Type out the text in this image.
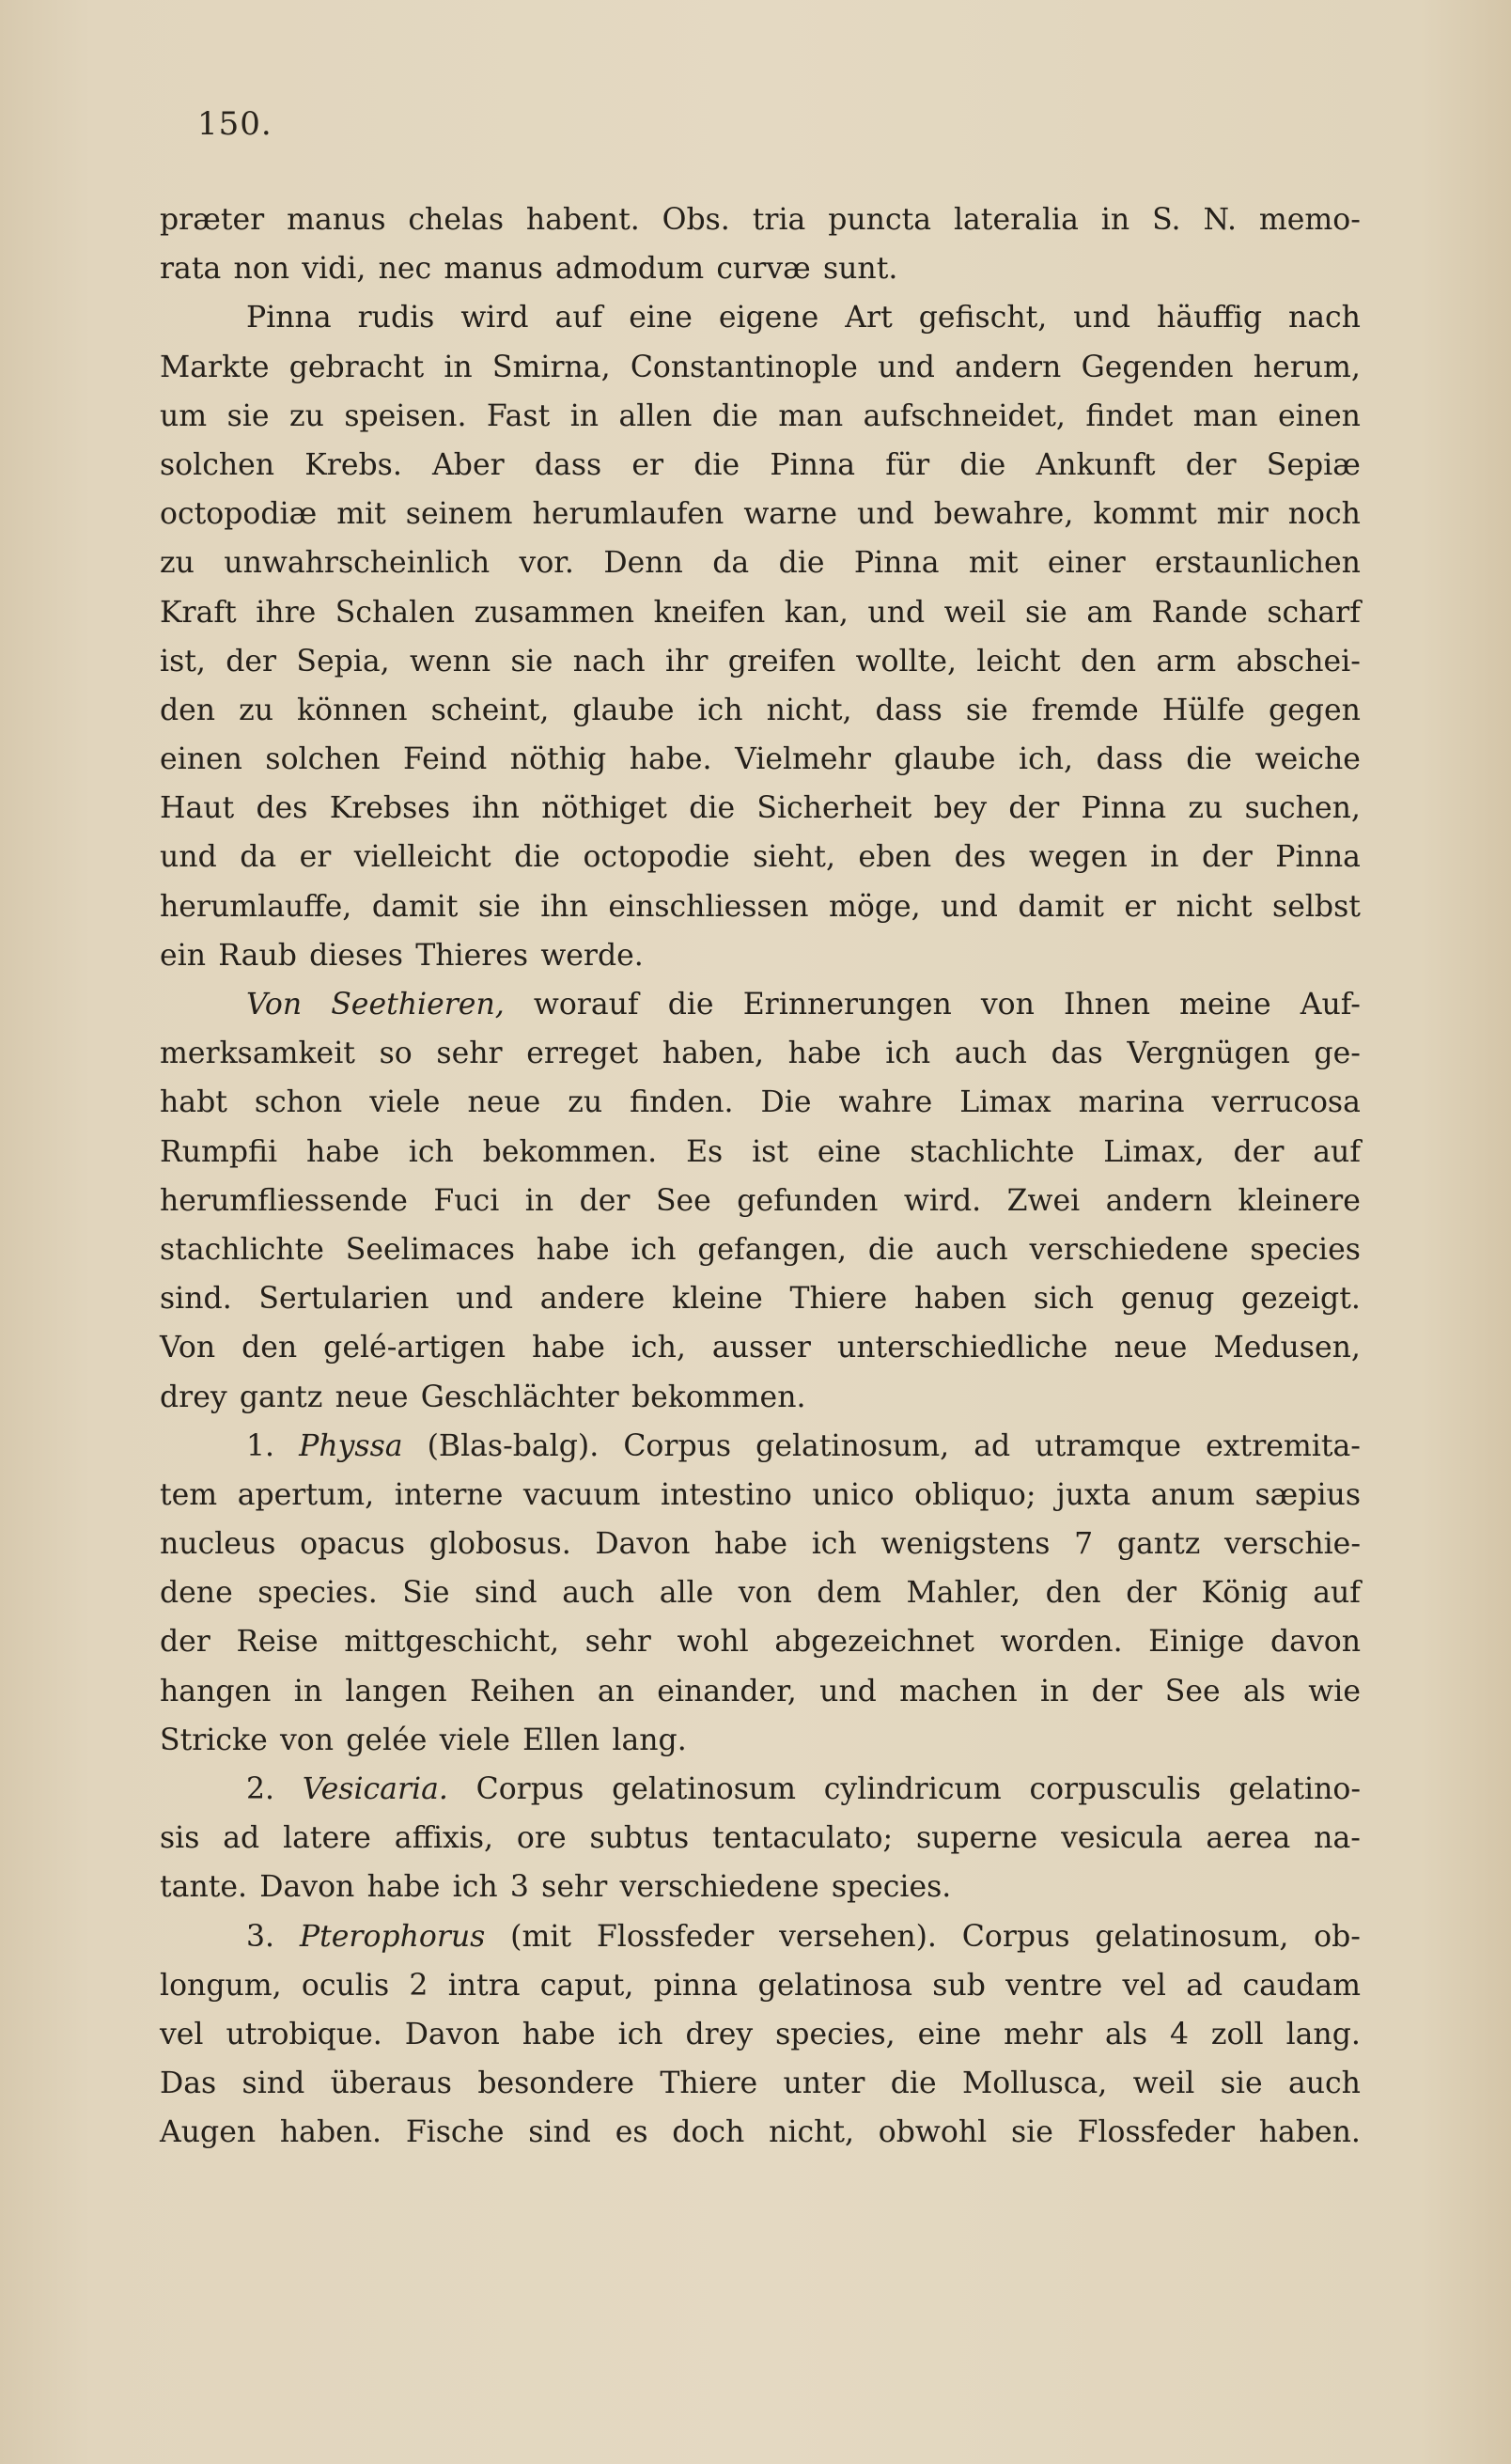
150.
præter manus chelas habent. Obs. tria puncta lateralia in S. N. memo-
rata non vidi, nec manus admodum curvæ sunt.
Pinna rudis wird auf eine eigene Art gefischt, und häuffig nach
Markte gebracht in Smirna, Constantinople und andern Gegenden herum,
um sie zu speisen. Fast in allen die man aufschneidet, findet man einen
solchen Krebs. Aber dass er die Pinna für die Ankunft der Sepiæ
octopodiæ mit seinem herumlaufen warne und bewahre, kommt mir noch
zu unwahrscheinlich vor. Denn da die Pinna mit einer erstaunlichen
Kraft ihre Schalen zusammen kneifen kan, und weil sie am Rande scharf
ist, der Sepia, wenn sie nach ihr greifen wollte, leicht den arm abschei-
den zu können scheint, glaube ich nicht, dass sie fremde Hülfe gegen
einen solchen Feind nöthig habe. Vielmehr glaube ich, dass die weiche
Haut des Krebses ihn nöthiget die Sicherheit bey der Pinna zu suchen,
und da er vielleicht die octopodie sieht, eben des wegen in der Pinna
herumlauffe, damit sie ihn einschliessen möge, und damit er nicht selbst
ein Raub dieses Thieres werde.
Von Seethieren, worauf die Erinnerungen von Ihnen meine Auf-
merksamkeit so sehr erreget haben, habe ich auch das Vergnügen ge-
habt schon viele neue zu finden. Die wahre Limax marina verrucosa
Rumpfii habe ich bekommen. Es ist eine stachlichte Limax, der auf
herumfliessende Fuci in der See gefunden wird. Zwei andern kleinere
stachlichte Seelimaces habe ich gefangen, die auch verschiedene species
sind. Sertularien und andere kleine Thiere haben sich genug gezeigt.
Von den gelé-artigen habe ich, ausser unterschiedliche neue Medusen,
drey gantz neue Geschlächter bekommen.
1. Physsa (Blas-balg). Corpus gelatinosum, ad utramque extremita-
tem apertum, interne vacuum intestino unico obliquo; juxta anum sæpius
nucleus opacus globosus. Davon habe ich wenigstens 7 gantz verschie-
dene species. Sie sind auch alle von dem Mahler, den der König auf
der Reise mittgeschicht, sehr wohl abgezeichnet worden. Einige davon
hangen in langen Reihen an einander, und machen in der See als wie
Stricke von gelée viele Ellen lang.
2. Vesicaria. Corpus gelatinosum cylindricum corpusculis gelatino-
sis ad latere affixis, ore subtus tentaculato; superne vesicula aerea na-
tante. Davon habe ich 3 sehr verschiedene species.
3. Pterophorus (mit Flossfeder versehen). Corpus gelatinosum, ob-
longum, oculis 2 intra caput, pinna gelatinosa sub ventre vel ad caudam
vel utrobique. Davon habe ich drey species, eine mehr als 4 zoll lang.
Das sind überaus besondere Thiere unter die Mollusca, weil sie auch
Augen haben. Fische sind es doch nicht, obwohl sie Flossfeder haben.
